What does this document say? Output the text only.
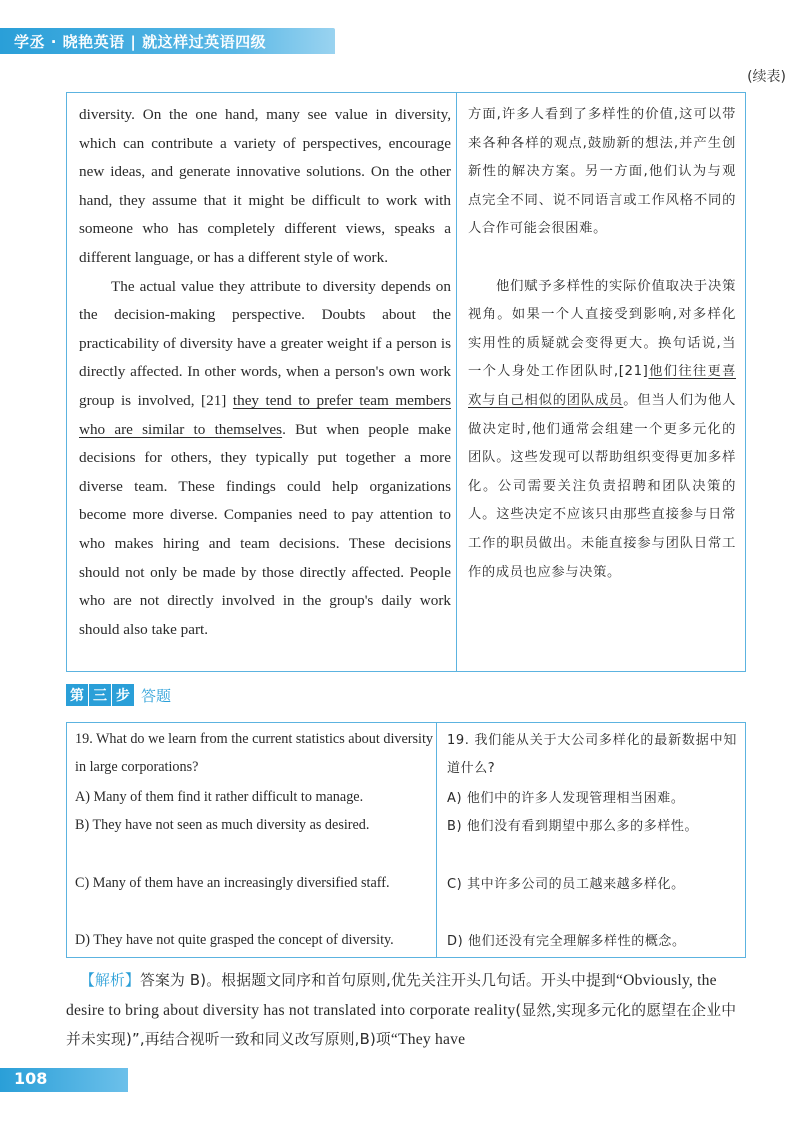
学丞 · 晓艳英语 | 就这样过英语四级
(续表)

diversity. On the one hand, many see value in diversity, which can contribute a variety of perspectives, encourage new ideas, and generate innovative solutions. On the other hand, they assume that it might be difficult to work with someone who has completely different views, speaks a different language, or has a different style of work.

The actual value they attribute to diversity depends on the decision-making perspective. Doubts about the practicability of diversity have a greater weight if a person is directly affected. In other words, when a person's own work group is involved, [21] they tend to prefer team members who are similar to themselves. But when people make decisions for others, they typically put together a more diverse team. These findings could help organizations become more diverse. Companies need to pay attention to who makes hiring and team decisions. These decisions should not only be made by those directly affected. People who are not directly involved in the group's daily work should also take part.

方面,许多人看到了多样性的价值,这可以带来各种各样的观点,鼓励新的想法,并产生创新性的解决方案。另一方面,他们认为与观点完全不同、说不同语言或工作风格不同的人合作可能会很困难。

他们赋予多样性的实际价值取决于决策视角。如果一个人直接受到影响,对多样化实用性的质疑就会变得更大。换句话说,当一个人身处工作团队时,[21]他们往往更喜欢与自己相似的团队成员。但当人们为他人做决定时,他们通常会组建一个更多元化的团队。这些发现可以帮助组织变得更加多样化。公司需要关注负责招聘和团队决策的人。这些决定不应该只由那些直接参与日常工作的职员做出。未能直接参与团队日常工作的成员也应参与决策。

第 三 步 答题
19. What do we learn from the current statistics about diversity in large corporations?
A) Many of them find it rather difficult to manage.
B) They have not seen as much diversity as desired.
C) Many of them have an increasingly diversified staff.
D) They have not quite grasped the concept of diversity.
19. 我们能从关于大公司多样化的最新数据中知道什么?
A) 他们中的许多人发现管理相当困难。
B) 他们没有看到期望中那么多的多样性。
C) 其中许多公司的员工越来越多样化。
D) 他们还没有完全理解多样性的概念。
【解析】答案为 B)。根据题文同序和首句原则,优先关注开头几句话。开头中提到“Obviously, the desire to bring about diversity has not translated into corporate reality(显然,实现多元化的愿望在企业中并未实现)”,再结合视听一致和同义改写原则,B)项“They have
108
